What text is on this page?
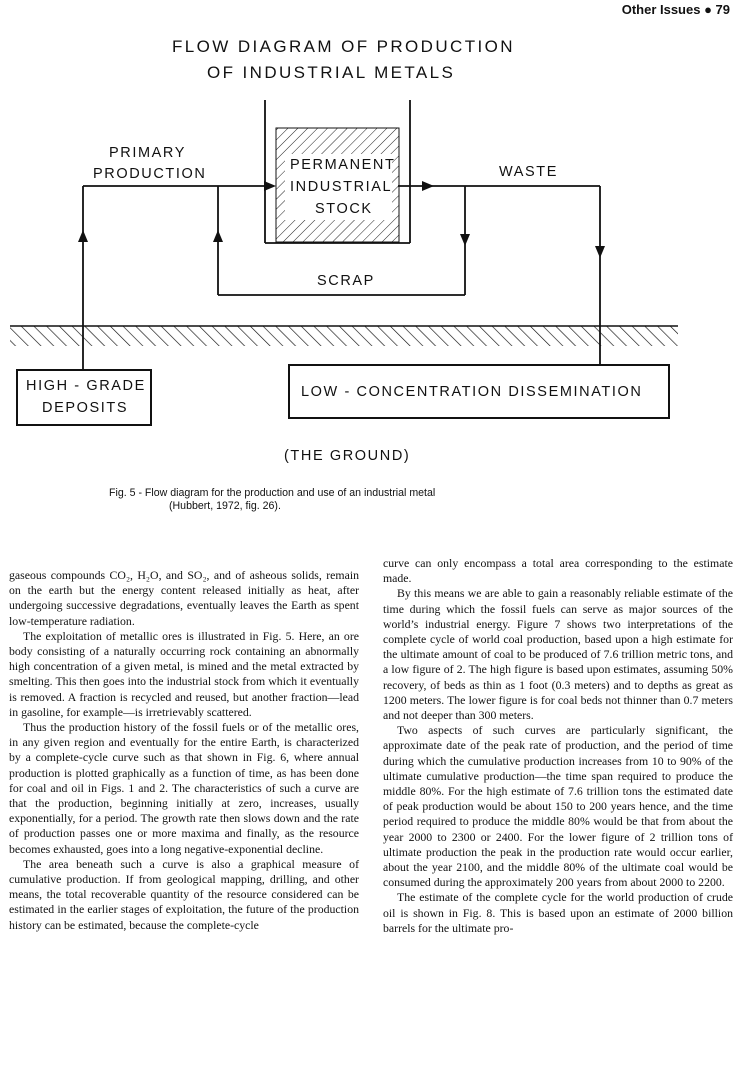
Other Issues ● 79
FLOW DIAGRAM OF PRODUCTION
OF INDUSTRIAL METALS
PERMANENT
INDUSTRIAL
STOCK
PRIMARY
PRODUCTION	WASTE
SCRAP
HIGH - GRADE
DEPOSITS
LOW - CONCENTRATION DISSEMINATION
(THE GROUND)
Fig. 5 - Flow diagram for the production and use of an industrial metal
(Hubbert, 1972, fig. 26).

gaseous compounds CO₂, H₂O, and SO₂, and of asheous solids, remain on the earth but the energy content released initially as heat, after undergoing successive degradations, eventually leaves the Earth as spent low-temperature radiation.

The exploitation of metallic ores is illustrated in Fig. 5. Here, an ore body consisting of a naturally occurring rock containing an abnormally high concentration of a given metal, is mined and the metal extracted by smelting. This then goes into the industrial stock from which it eventually is removed. A fraction is recycled and reused, but another fraction—lead in gasoline, for example—is irretrievably scattered.

Thus the production history of the fossil fuels or of the metallic ores, in any given region and eventually for the entire Earth, is characterized by a complete-cycle curve such as that shown in Fig. 6, where annual production is plotted graphically as a function of time, as has been done for coal and oil in Figs. 1 and 2. The characteristics of such a curve are that the production, beginning initially at zero, increases, usually exponentially, for a period. The growth rate then slows down and the rate of production passes one or more maxima and finally, as the resource becomes exhausted, goes into a long negative-exponential decline.

The area beneath such a curve is also a graphical measure of cumulative production. If from geological mapping, drilling, and other means, the total recoverable quantity of the resource considered can be estimated in the earlier stages of exploitation, the future of the production history can be estimated, because the complete-cycle

curve can only encompass a total area corresponding to the estimate made.

By this means we are able to gain a reasonably reliable estimate of the time during which the fossil fuels can serve as major sources of the world’s industrial energy. Figure 7 shows two interpretations of the complete cycle of world coal production, based upon a high estimate for the ultimate amount of coal to be produced of 7.6 trillion metric tons, and a low figure of 2. The high figure is based upon estimates, assuming 50% recovery, of beds as thin as 1 foot (0.3 meters) and to depths as great as 1200 meters. The lower figure is for coal beds not thinner than 0.7 meters and not deeper than 300 meters.

Two aspects of such curves are particularly significant, the approximate date of the peak rate of production, and the period of time during which the cumulative production increases from 10 to 90% of the ultimate cumulative production—the time span required to produce the middle 80%. For the high estimate of 7.6 trillion tons the estimated date of peak production would be about 150 to 200 years hence, and the time period required to produce the middle 80% would be that from about the year 2000 to 2300 or 2400. For the lower figure of 2 trillion tons of ultimate production the peak in the production rate would occur earlier, about the year 2100, and the middle 80% of the ultimate coal would be consumed during the approximately 200 years from about 2000 to 2200.

The estimate of the complete cycle for the world production of crude oil is shown in Fig. 8. This is based upon an estimate of 2000 billion barrels for the ultimate pro-
